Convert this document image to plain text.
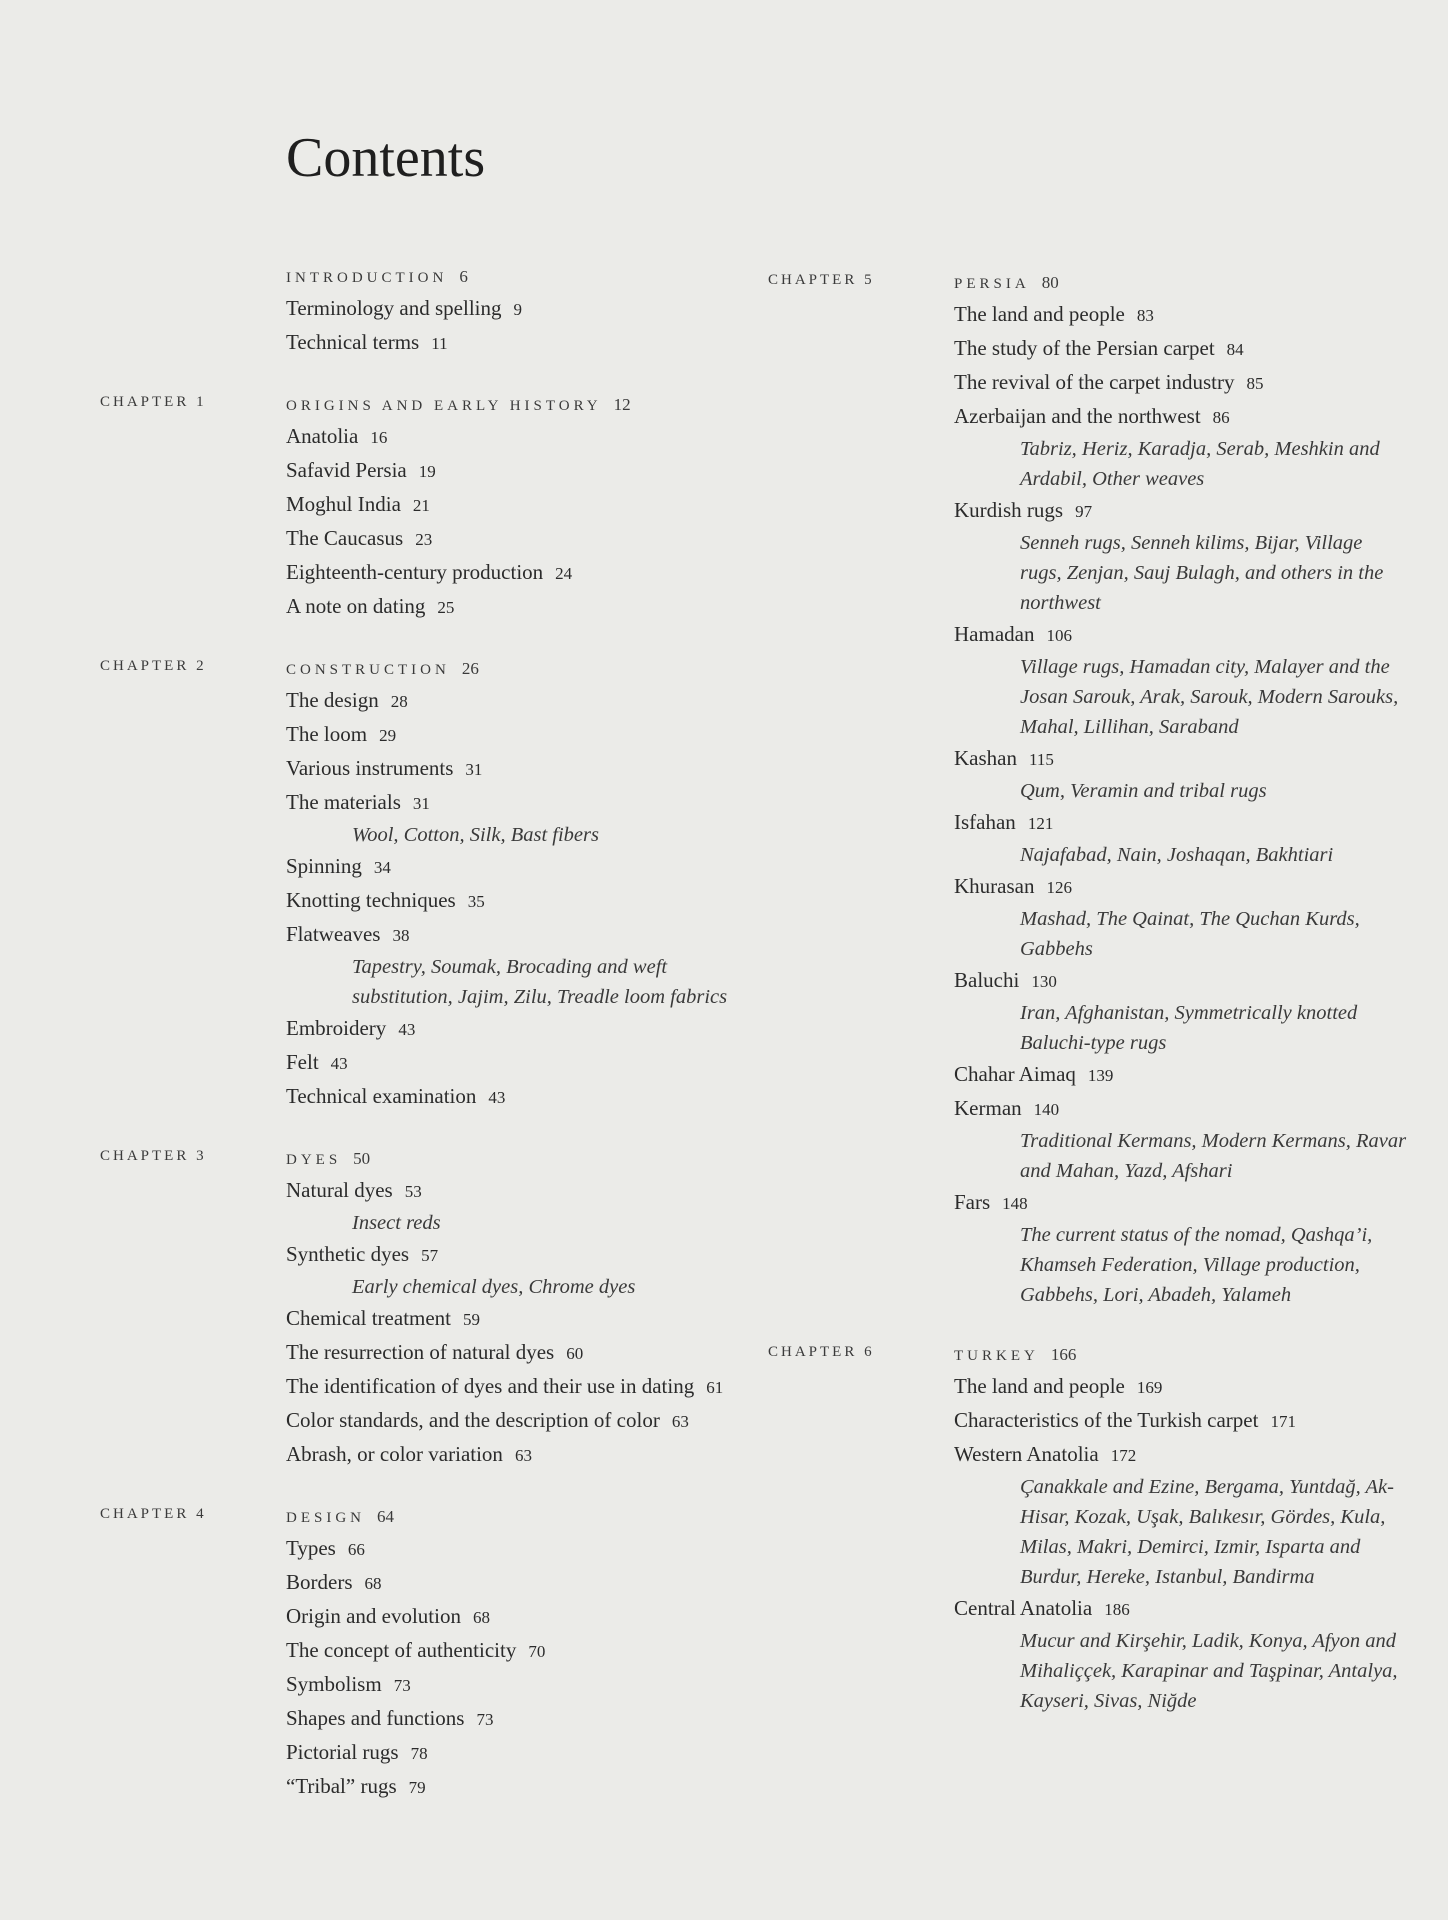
Contents
INTRODUCTION 6
Terminology and spelling 9
Technical terms 11
CHAPTER 1	ORIGINS AND EARLY HISTORY 12
Anatolia 16
Safavid Persia 19
Moghul India 21
The Caucasus 23
Eighteenth-century production 24
A note on dating 25
CHAPTER 2	CONSTRUCTION 26
The design 28
The loom 29
Various instruments 31
The materials 31
Wool, Cotton, Silk, Bast fibers
Spinning 34
Knotting techniques 35
Flatweaves 38
Tapestry, Soumak, Brocading and weft substitution, Jajim, Zilu, Treadle loom fabrics
Embroidery 43
Felt 43
Technical examination 43
CHAPTER 3	DYES 50
Natural dyes 53
Insect reds
Synthetic dyes 57
Early chemical dyes, Chrome dyes
Chemical treatment 59
The resurrection of natural dyes 60
The identification of dyes and their use in dating 61
Color standards, and the description of color 63
Abrash, or color variation 63
CHAPTER 4	DESIGN 64
Types 66
Borders 68
Origin and evolution 68
The concept of authenticity 70
Symbolism 73
Shapes and functions 73
Pictorial rugs 78
“Tribal” rugs 79
CHAPTER 5	PERSIA 80
The land and people 83
The study of the Persian carpet 84
The revival of the carpet industry 85
Azerbaijan and the northwest 86
Tabriz, Heriz, Karadja, Serab, Meshkin and Ardabil, Other weaves
Kurdish rugs 97
Senneh rugs, Senneh kilims, Bijar, Village rugs, Zenjan, Sauj Bulagh, and others in the northwest
Hamadan 106
Village rugs, Hamadan city, Malayer and the Josan Sarouk, Arak, Sarouk, Modern Sarouks, Mahal, Lillihan, Saraband
Kashan 115
Qum, Veramin and tribal rugs
Isfahan 121
Najafabad, Nain, Joshaqan, Bakhtiari
Khurasan 126
Mashad, The Qainat, The Quchan Kurds, Gabbehs
Baluchi 130
Iran, Afghanistan, Symmetrically knotted Baluchi-type rugs
Chahar Aimaq 139
Kerman 140
Traditional Kermans, Modern Kermans, Ravar and Mahan, Yazd, Afshari
Fars 148
The current status of the nomad, Qashqa’i, Khamseh Federation, Village production, Gabbehs, Lori, Abadeh, Yalameh
CHAPTER 6	TURKEY 166
The land and people 169
Characteristics of the Turkish carpet 171
Western Anatolia 172
Çanakkale and Ezine, Bergama, Yuntdağ, Ak-Hisar, Kozak, Uşak, Balıkesır, Gördes, Kula, Milas, Makri, Demirci, Izmir, Isparta and Burdur, Hereke, Istanbul, Bandirma
Central Anatolia 186
Mucur and Kirşehir, Ladik, Konya, Afyon and Mihaliççek, Karapinar and Taşpinar, Antalya, Kayseri, Sivas, Niğde
